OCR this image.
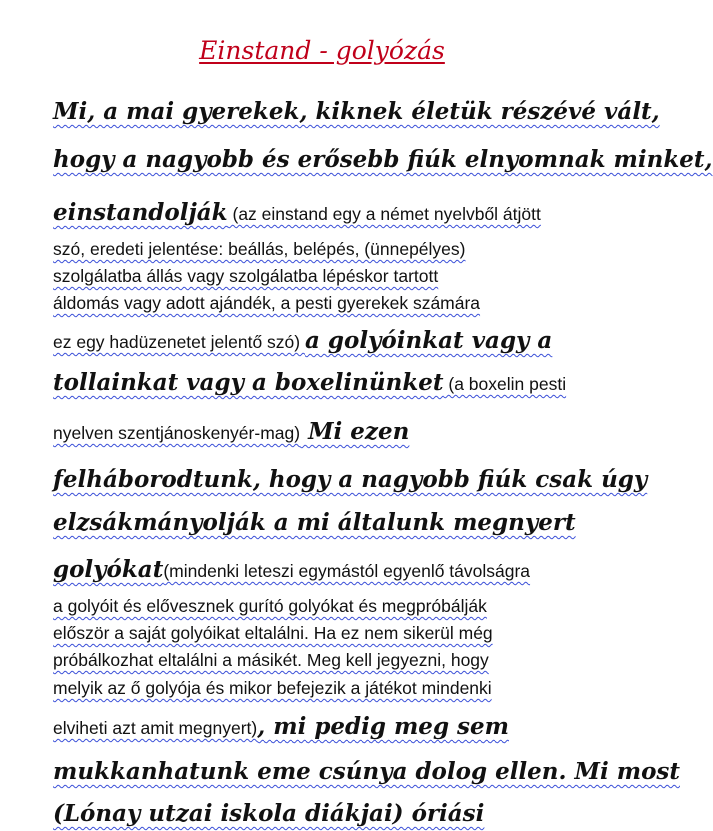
Einstand - golyózás
Mi, a mai gyerekek, kiknek életük részévé vált,
hogy a nagyobb és erősebb fiúk elnyomnak minket,
einstandolják (az einstand egy a német nyelvből átjött
szó, eredeti jelentése: beállás, belépés, (ünnepélyes)
szolgálatba állás vagy szolgálatba lépéskor tartott
áldomás vagy adott ajándék, a pesti gyerekek számára
ez egy hadüzenetet jelentő szó) a golyóinkat vagy a
tollainkat vagy a boxelinünket (a boxelin pesti
nyelven szentjánoskenyér-mag) Mi ezen
felháborodtunk, hogy a nagyobb fiúk csak úgy
elzsákmányolják a mi általunk megnyert
golyókat(mindenki leteszi egymástól egyenlő távolságra
a golyóit és elővesznek gurító golyókat és megpróbálják
először a saját golyóikat eltalálni. Ha ez nem sikerül még
próbálkozhat eltalálni a másikét. Meg kell jegyezni, hogy
melyik az ő golyója és mikor befejezik a játékot mindenki
elviheti azt amit megnyert), mi pedig meg sem
mukkanhatunk eme csúnya dolog ellen. Mi most
(Lónay utzai iskola diákjai) óriási
